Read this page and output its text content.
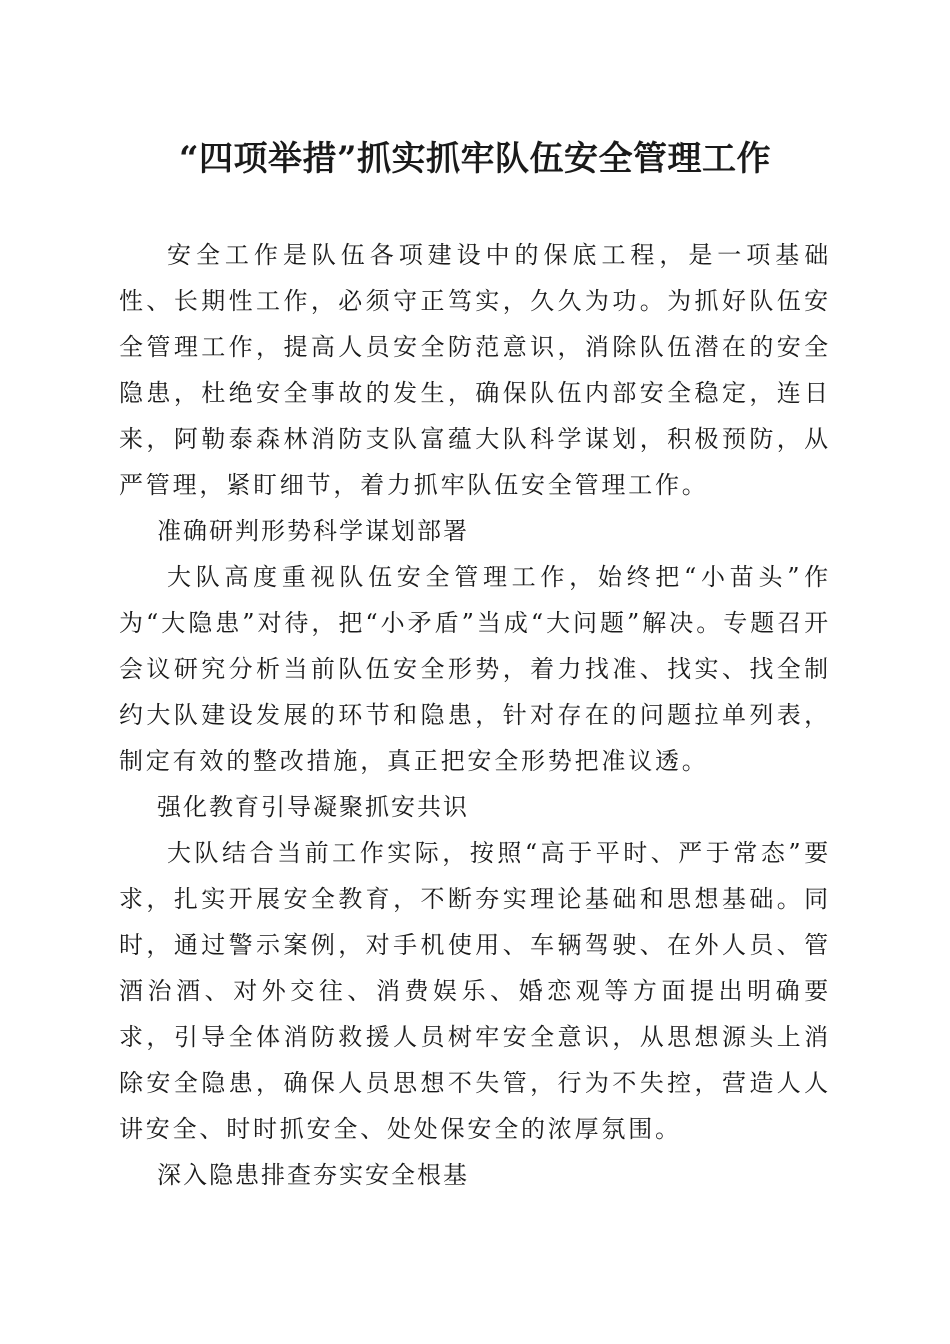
“四项举措”抓实抓牢队伍安全管理工作

安全工作是队伍各项建设中的保底工程，是一项基础性、长期性工作，必须守正笃实，久久为功。为抓好队伍安全管理工作，提高人员安全防范意识，消除队伍潜在的安全隐患，杜绝安全事故的发生，确保队伍内部安全稳定，连日来，阿勒泰森林消防支队富蕴大队科学谋划，积极预防，从严管理，紧盯细节，着力抓牢队伍安全管理工作。

准确研判形势科学谋划部署

大队高度重视队伍安全管理工作，始终把“小苗头”作为“大隐患”对待，把“小矛盾”当成“大问题”解决。专题召开会议研究分析当前队伍安全形势，着力找准、找实、找全制约大队建设发展的环节和隐患，针对存在的问题拉单列表，制定有效的整改措施，真正把安全形势把准议透。

强化教育引导凝聚抓安共识

大队结合当前工作实际，按照“高于平时、严于常态”要求，扎实开展安全教育，不断夯实理论基础和思想基础。同时，通过警示案例，对手机使用、车辆驾驶、在外人员、管酒治酒、对外交往、消费娱乐、婚恋观等方面提出明确要求，引导全体消防救援人员树牢安全意识，从思想源头上消除安全隐患，确保人员思想不失管，行为不失控，营造人人讲安全、时时抓安全、处处保安全的浓厚氛围。

深入隐患排查夯实安全根基
